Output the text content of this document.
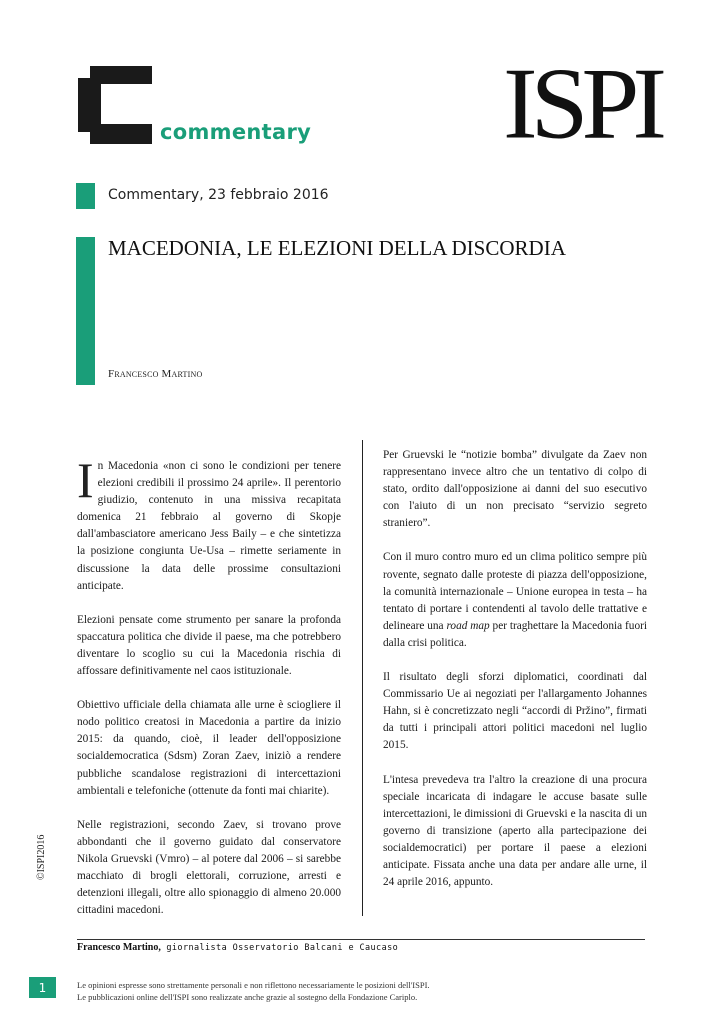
commentary ISPI
Commentary, 23 febbraio 2016
MACEDONIA, LE ELEZIONI DELLA DISCORDIA
Francesco Martino

In Macedonia «non ci sono le condizioni per tenere elezioni credibili il prossimo 24 aprile». Il perentorio giudizio, contenuto in una missiva recapitata domenica 21 febbraio al governo di Skopje dall'ambasciatore americano Jess Baily – e che sintetizza la posizione congiunta Ue-Usa – rimette seriamente in discussione la data delle prossime consultazioni anticipate.

Elezioni pensate come strumento per sanare la profonda spaccatura politica che divide il paese, ma che potrebbero diventare lo scoglio su cui la Macedonia rischia di affossare definitivamente nel caos istituzionale.

Obiettivo ufficiale della chiamata alle urne è sciogliere il nodo politico creatosi in Macedonia a partire da inizio 2015: da quando, cioè, il leader dell'opposizione socialdemocratica (Sdsm) Zoran Zaev, iniziò a rendere pubbliche scandalose registrazioni di intercettazioni ambientali e telefoniche (ottenute da fonti mai chiarite).

Nelle registrazioni, secondo Zaev, si trovano prove abbondanti che il governo guidato dal conservatore Nikola Gruevski (Vmro) – al potere dal 2006 – si sarebbe macchiato di brogli elettorali, corruzione, arresti e detenzioni illegali, oltre allo spionaggio di almeno 20.000 cittadini macedoni.

Per Gruevski le “notizie bomba” divulgate da Zaev non rappresentano invece altro che un tentativo di colpo di stato, ordito dall'opposizione ai danni del suo esecutivo con l'aiuto di un non precisato “servizio segreto straniero”.

Con il muro contro muro ed un clima politico sempre più rovente, segnato dalle proteste di piazza dell'opposizione, la comunità internazionale – Unione europea in testa – ha tentato di portare i contendenti al tavolo delle trattative e delineare una road map per traghettare la Macedonia fuori dalla crisi politica.

Il risultato degli sforzi diplomatici, coordinati dal Commissario Ue ai negoziati per l'allargamento Johannes Hahn, si è concretizzato negli “accordi di Pržino”, firmati da tutti i principali attori politici macedoni nel luglio 2015.

L'intesa prevedeva tra l'altro la creazione di una procura speciale incaricata di indagare le accuse basate sulle intercettazioni, le dimissioni di Gruevski e la nascita di un governo di transizione (aperto alla partecipazione dei socialdemocratici) per portare il paese a elezioni anticipate. Fissata anche una data per andare alle urne, il 24 aprile 2016, appunto.

©ISPI2016
Francesco Martino, giornalista Osservatorio Balcani e Caucaso
1	Le opinioni espresse sono strettamente personali e non riflettono necessariamente le posizioni dell'ISPI.
Le pubblicazioni online dell'ISPI sono realizzate anche grazie al sostegno della Fondazione Cariplo.
